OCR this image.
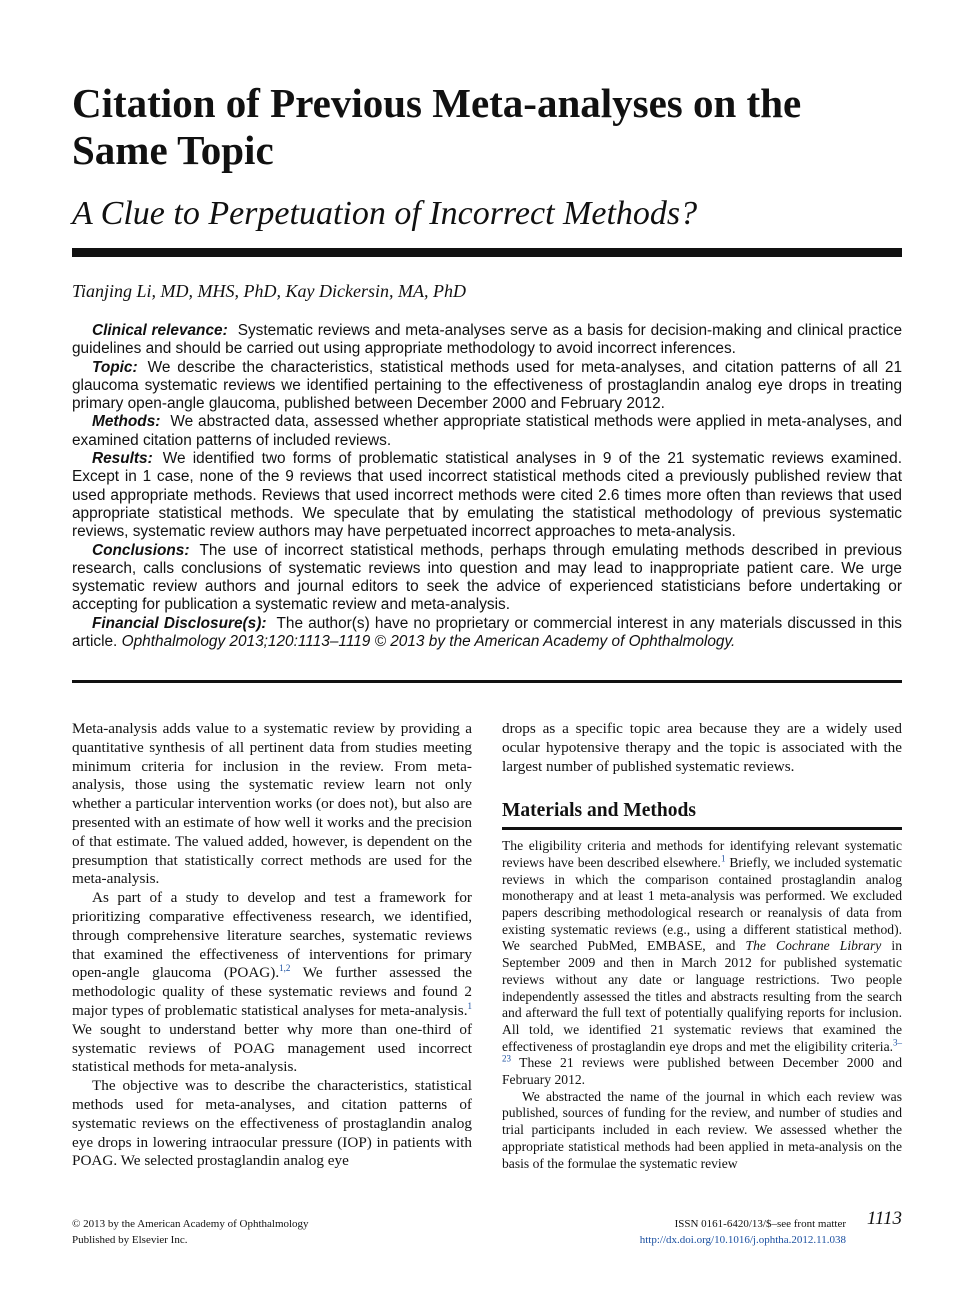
Citation of Previous Meta-analyses on the Same Topic
A Clue to Perpetuation of Incorrect Methods?
Tianjing Li, MD, MHS, PhD, Kay Dickersin, MA, PhD

Clinical relevance: Systematic reviews and meta-analyses serve as a basis for decision-making and clinical practice guidelines and should be carried out using appropriate methodology to avoid incorrect inferences.

Topic: We describe the characteristics, statistical methods used for meta-analyses, and citation patterns of all 21 glaucoma systematic reviews we identified pertaining to the effectiveness of prostaglandin analog eye drops in treating primary open-angle glaucoma, published between December 2000 and February 2012.

Methods: We abstracted data, assessed whether appropriate statistical methods were applied in meta-analyses, and examined citation patterns of included reviews.

Results: We identified two forms of problematic statistical analyses in 9 of the 21 systematic reviews examined. Except in 1 case, none of the 9 reviews that used incorrect statistical methods cited a previously published review that used appropriate methods. Reviews that used incorrect methods were cited 2.6 times more often than reviews that used appropriate statistical methods. We speculate that by emulating the statistical methodology of previous systematic reviews, systematic review authors may have perpetuated incorrect approaches to meta-analysis.

Conclusions: The use of incorrect statistical methods, perhaps through emulating methods described in previous research, calls conclusions of systematic reviews into question and may lead to inappropriate patient care. We urge systematic review authors and journal editors to seek the advice of experienced statisticians before undertaking or accepting for publication a systematic review and meta-analysis.

Financial Disclosure(s): The author(s) have no proprietary or commercial interest in any materials discussed in this article. Ophthalmology 2013;120:1113–1119 © 2013 by the American Academy of Ophthalmology.

Meta-analysis adds value to a systematic review by providing a quantitative synthesis of all pertinent data from studies meeting minimum criteria for inclusion in the review. From meta-analysis, those using the systematic review learn not only whether a particular intervention works (or does not), but also are presented with an estimate of how well it works and the precision of that estimate. The valued added, however, is dependent on the presumption that statistically correct methods are used for the meta-analysis.

As part of a study to develop and test a framework for prioritizing comparative effectiveness research, we identified, through comprehensive literature searches, systematic reviews that examined the effectiveness of interventions for primary open-angle glaucoma (POAG).$^{1,2}$ We further assessed the methodologic quality of these systematic reviews and found 2 major types of problematic statistical analyses for meta-analysis.$^1$ We sought to understand better why more than one-third of systematic reviews of POAG management used incorrect statistical methods for meta-analysis.

The objective was to describe the characteristics, statistical methods used for meta-analyses, and citation patterns of systematic reviews on the effectiveness of prostaglandin analog eye drops in lowering intraocular pressure (IOP) in patients with POAG. We selected prostaglandin analog eye

drops as a specific topic area because they are a widely used ocular hypotensive therapy and the topic is associated with the largest number of published systematic reviews.

Materials and Methods

The eligibility criteria and methods for identifying relevant systematic reviews have been described elsewhere.$^1$ Briefly, we included systematic reviews in which the comparison contained prostaglandin analog monotherapy and at least 1 meta-analysis was performed. We excluded papers describing methodological research or reanalysis of data from existing systematic reviews (e.g., using a different statistical method). We searched PubMed, EMBASE, and The Cochrane Library in September 2009 and then in March 2012 for published systematic reviews without any date or language restrictions. Two people independently assessed the titles and abstracts resulting from the search and afterward the full text of potentially qualifying reports for inclusion. All told, we identified 21 systematic reviews that examined the effectiveness of prostaglandin eye drops and met the eligibility criteria.$^{3-23}$ These 21 reviews were published between December 2000 and February 2012.

We abstracted the name of the journal in which each review was published, sources of funding for the review, and number of studies and trial participants included in each review. We assessed whether the appropriate statistical methods had been applied in meta-analysis on the basis of the formulae the systematic review

© 2013 by the American Academy of Ophthalmology
Published by Elsevier Inc.
ISSN 0161-6420/13/$–see front matter
http://dx.doi.org/10.1016/j.ophtha.2012.11.038
1113
